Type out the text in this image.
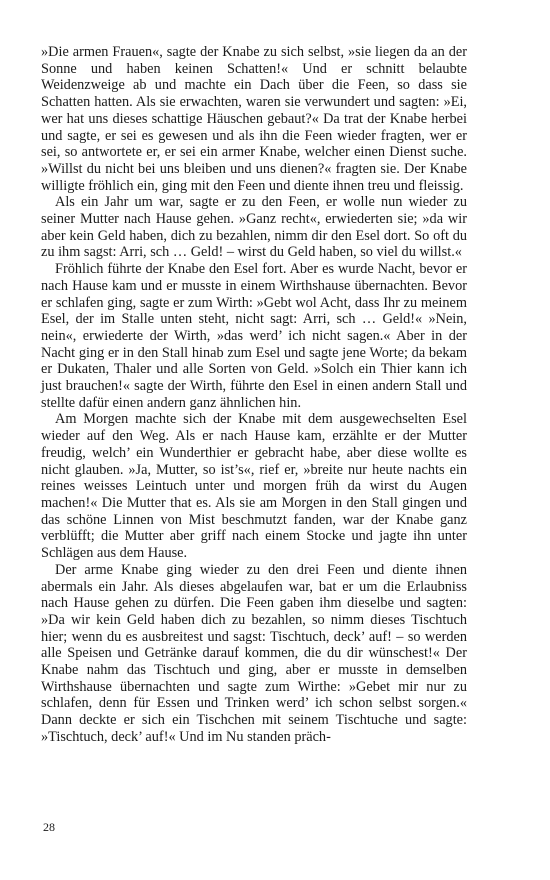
»Die armen Frauen«, sagte der Knabe zu sich selbst, »sie liegen da an der Sonne und haben keinen Schatten!« Und er schnitt belaubte Weidenzweige ab und machte ein Dach über die Feen, so dass sie Schatten hatten. Als sie erwachten, waren sie verwundert und sagten: »Ei, wer hat uns dieses schattige Häuschen gebaut?« Da trat der Knabe herbei und sagte, er sei es gewesen und als ihn die Feen wieder fragten, wer er sei, so antwortete er, er sei ein armer Knabe, welcher einen Dienst suche. »Willst du nicht bei uns bleiben und uns dienen?« fragten sie. Der Knabe willigte fröhlich ein, ging mit den Feen und diente ihnen treu und fleissig.

Als ein Jahr um war, sagte er zu den Feen, er wolle nun wieder zu seiner Mutter nach Hause gehen. »Ganz recht«, erwiederten sie; »da wir aber kein Geld haben, dich zu bezahlen, nimm dir den Esel dort. So oft du zu ihm sagst: Arri, sch … Geld! – wirst du Geld haben, so viel du willst.«

Fröhlich führte der Knabe den Esel fort. Aber es wurde Nacht, bevor er nach Hause kam und er musste in einem Wirthshause übernachten. Bevor er schlafen ging, sagte er zum Wirth: »Gebt wol Acht, dass Ihr zu meinem Esel, der im Stalle unten steht, nicht sagt: Arri, sch … Geld!« »Nein, nein«, erwiederte der Wirth, »das werd’ ich nicht sagen.« Aber in der Nacht ging er in den Stall hinab zum Esel und sagte jene Worte; da bekam er Dukaten, Thaler und alle Sorten von Geld. »Solch ein Thier kann ich just brauchen!« sagte der Wirth, führte den Esel in einen andern Stall und stellte dafür einen andern ganz ähnlichen hin.

Am Morgen machte sich der Knabe mit dem ausgewechselten Esel wieder auf den Weg. Als er nach Hause kam, erzählte er der Mutter freudig, welch’ ein Wunderthier er gebracht habe, aber diese wollte es nicht glauben. »Ja, Mutter, so ist’s«, rief er, »breite nur heute nachts ein reines weisses Leintuch unter und morgen früh da wirst du Augen machen!« Die Mutter that es. Als sie am Morgen in den Stall gingen und das schöne Linnen von Mist beschmutzt fanden, war der Knabe ganz verblüfft; die Mutter aber griff nach einem Stocke und jagte ihn unter Schlägen aus dem Hause.

Der arme Knabe ging wieder zu den drei Feen und diente ihnen abermals ein Jahr. Als dieses abgelaufen war, bat er um die Erlaubniss nach Hause gehen zu dürfen. Die Feen gaben ihm dieselbe und sagten: »Da wir kein Geld haben dich zu bezahlen, so nimm dieses Tischtuch hier; wenn du es ausbreitest und sagst: Tischtuch, deck’ auf! – so werden alle Speisen und Getränke darauf kommen, die du dir wünschest!« Der Knabe nahm das Tischtuch und ging, aber er musste in demselben Wirthshause übernachten und sagte zum Wirthe: »Gebet mir nur zu schlafen, denn für Essen und Trinken werd’ ich schon selbst sorgen.« Dann deckte er sich ein Tischchen mit seinem Tischtuche und sagte: »Tischtuch, deck’ auf!« Und im Nu standen präch-

28
